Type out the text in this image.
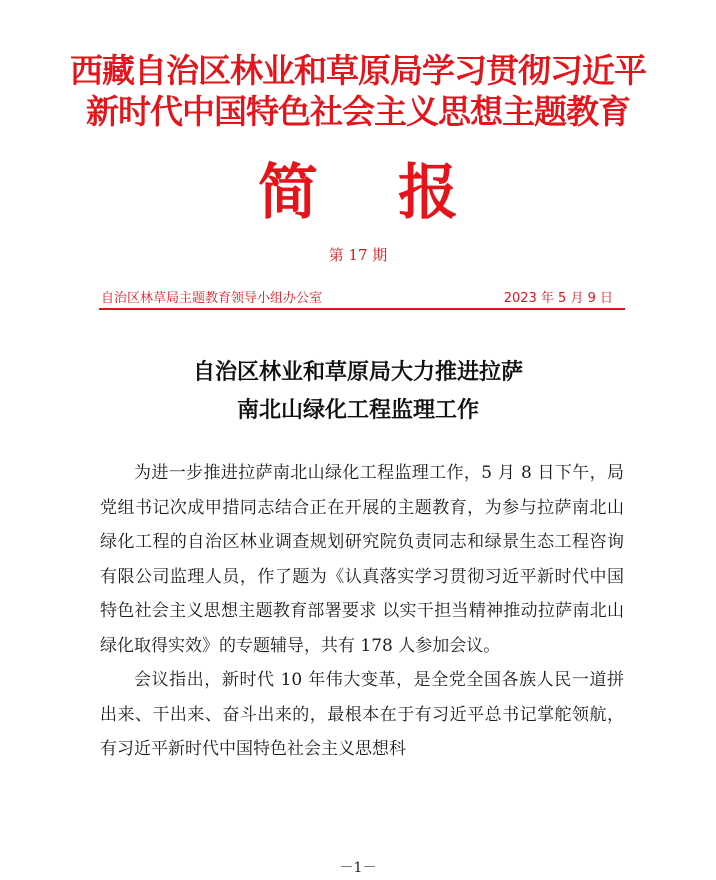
西藏自治区林业和草原局学习贯彻习近平
新时代中国特色社会主义思想主题教育
简 报
第 17 期
自治区林草局主题教育领导小组办公室	2023 年 5 月 9 日
自治区林业和草原局大力推进拉萨
南北山绿化工程监理工作

为进一步推进拉萨南北山绿化工程监理工作，5 月 8 日下午，局党组书记次成甲措同志结合正在开展的主题教育，为参与拉萨南北山绿化工程的自治区林业调查规划研究院负责同志和绿景生态工程咨询有限公司监理人员，作了题为《认真落实学习贯彻习近平新时代中国特色社会主义思想主题教育部署要求 以实干担当精神推动拉萨南北山绿化取得实效》的专题辅导，共有 178 人参加会议。

会议指出，新时代 10 年伟大变革，是全党全国各族人民一道拼出来、干出来、奋斗出来的，最根本在于有习近平总书记掌舵领航，有习近平新时代中国特色社会主义思想科

－1－
